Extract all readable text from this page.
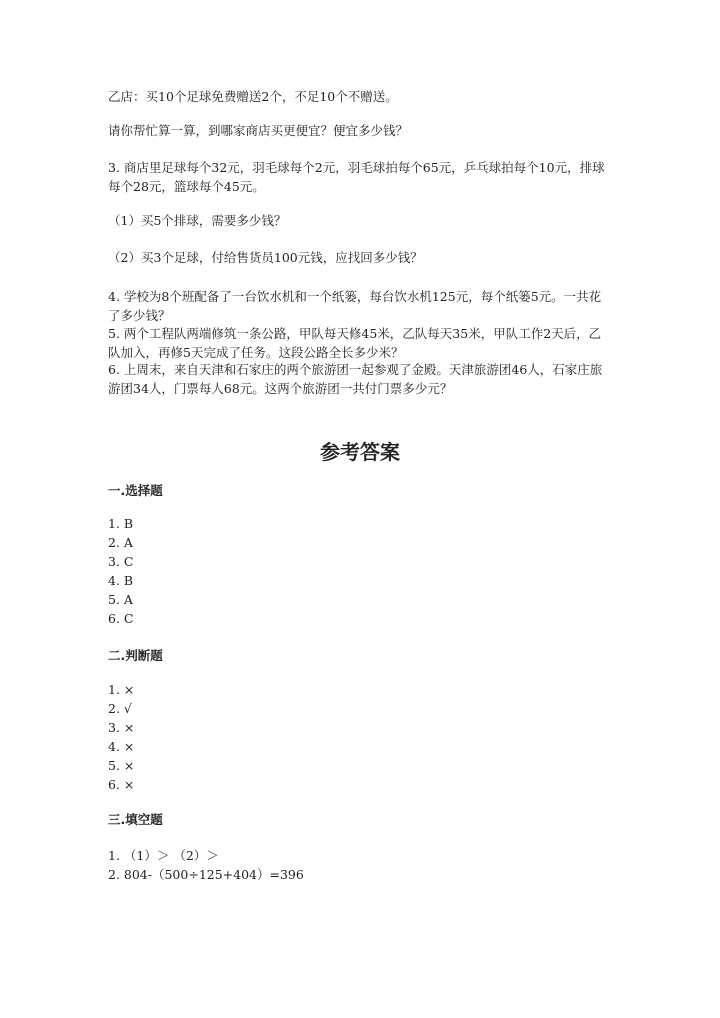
乙店：买10个足球免费赠送2个，不足10个不赠送。
请你帮忙算一算，到哪家商店买更便宜？便宜多少钱？
3. 商店里足球每个32元，羽毛球每个2元，羽毛球拍每个65元，乒乓球拍每个10元，排球每个28元，篮球每个45元。
（1）买5个排球，需要多少钱？
（2）买3个足球，付给售货员100元钱，应找回多少钱？
4. 学校为8个班配备了一台饮水机和一个纸篓，每台饮水机125元，每个纸篓5元。一共花了多少钱？
5. 两个工程队两端修筑一条公路，甲队每天修45米，乙队每天35米，甲队工作2天后，乙队加入，再修5天完成了任务。这段公路全长多少米？
6. 上周末，来自天津和石家庄的两个旅游团一起参观了金殿。天津旅游团46人，石家庄旅游团34人，门票每人68元。这两个旅游团一共付门票多少元？
参考答案
一.选择题
1. B
2. A
3. C
4. B
5. A
6. C
二.判断题
1. ×
2. √
3. ×
4. ×
5. ×
6. ×
三.填空题
1. （1）＞ （2）＞
2. 804-（500÷125+404）=396
